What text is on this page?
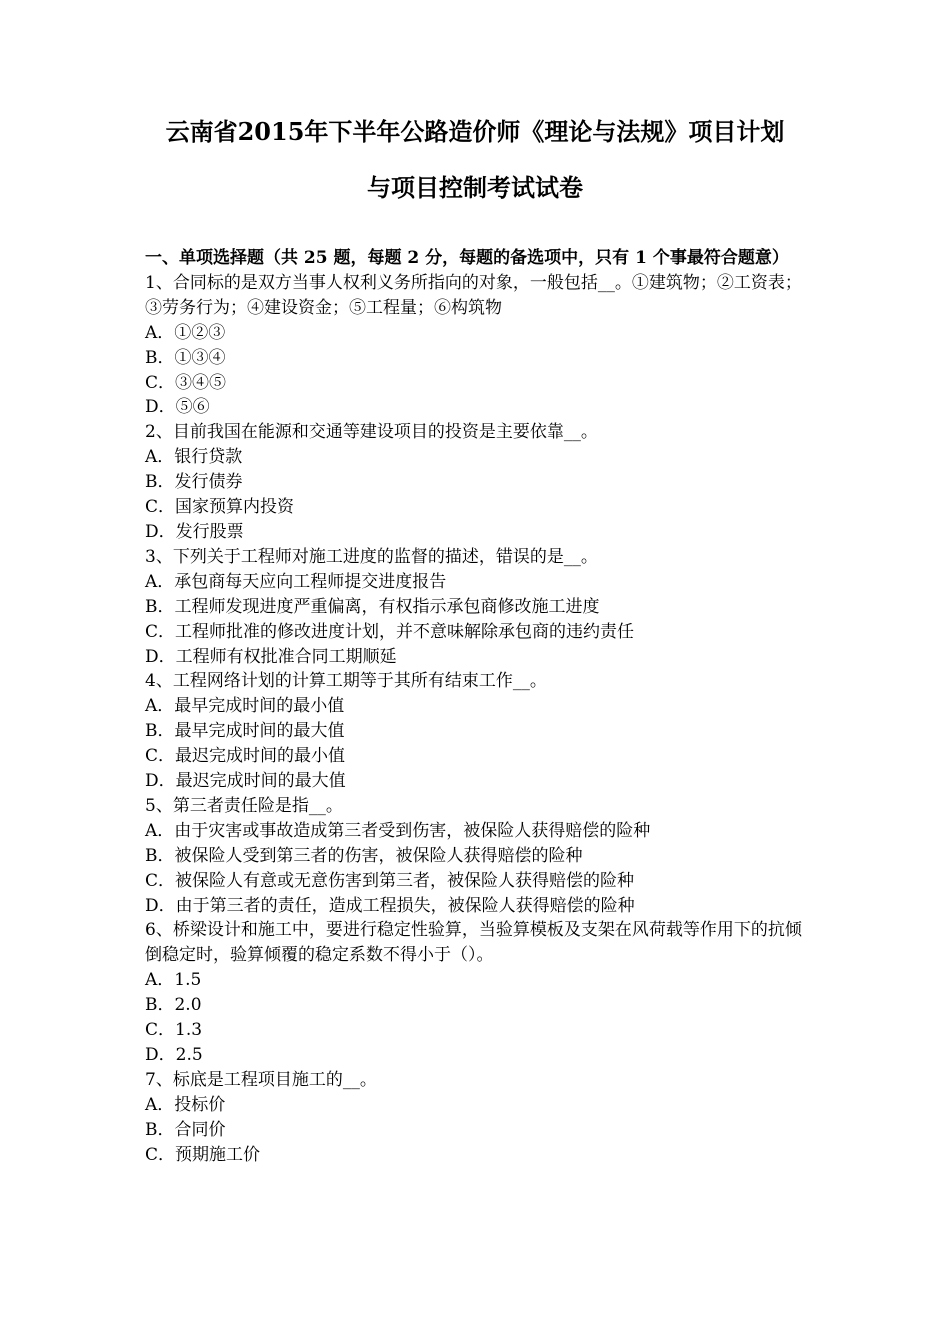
云南省2015年下半年公路造价师《理论与法规》项目计划
与项目控制考试试卷

一、单项选择题（共 25 题，每题 2 分，每题的备选项中，只有 1 个事最符合题意）

1、合同标的是双方当事人权利义务所指向的对象，一般包括__。①建筑物；②工资表；③劳务行为；④建设资金；⑤工程量；⑥构筑物

A．①②③

B．①③④

C．③④⑤

D．⑤⑥

2、目前我国在能源和交通等建设项目的投资是主要依靠__。

A．银行贷款

B．发行债券

C．国家预算内投资

D．发行股票

3、下列关于工程师对施工进度的监督的描述，错误的是__。

A．承包商每天应向工程师提交进度报告

B．工程师发现进度严重偏离，有权指示承包商修改施工进度

C．工程师批准的修改进度计划，并不意味解除承包商的违约责任

D．工程师有权批准合同工期顺延

4、工程网络计划的计算工期等于其所有结束工作__。

A．最早完成时间的最小值

B．最早完成时间的最大值

C．最迟完成时间的最小值

D．最迟完成时间的最大值

5、第三者责任险是指__。

A．由于灾害或事故造成第三者受到伤害，被保险人获得赔偿的险种

B．被保险人受到第三者的伤害，被保险人获得赔偿的险种

C．被保险人有意或无意伤害到第三者，被保险人获得赔偿的险种

D．由于第三者的责任，造成工程损失，被保险人获得赔偿的险种

6、桥梁设计和施工中，要进行稳定性验算，当验算模板及支架在风荷载等作用下的抗倾倒稳定时，验算倾覆的稳定系数不得小于（）。

A．1.5

B．2.0

C．1.3

D．2.5

7、标底是工程项目施工的__。

A．投标价

B．合同价

C．预期施工价
